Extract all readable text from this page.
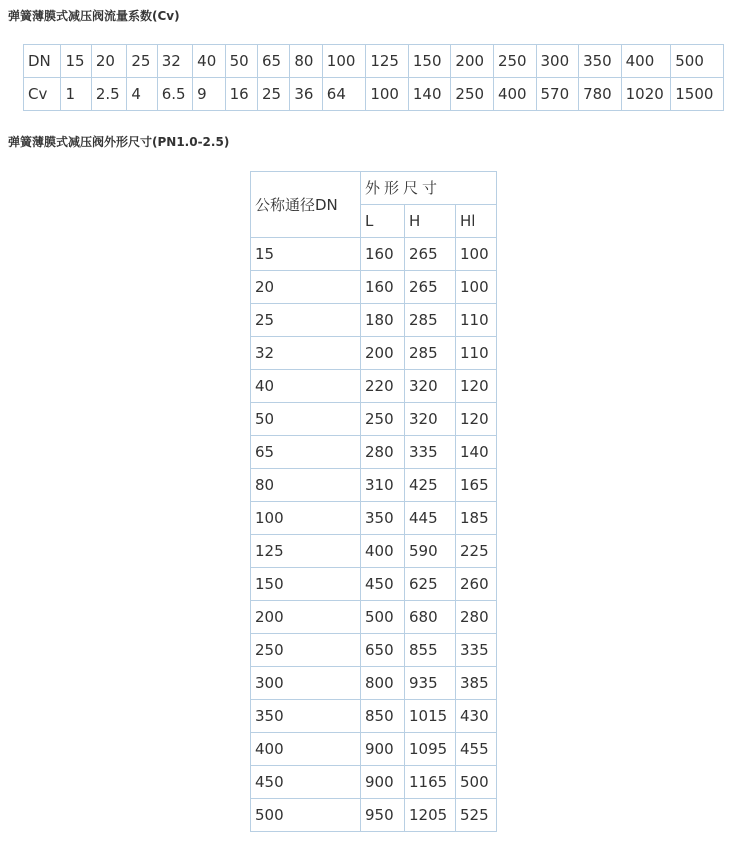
弹簧薄膜式减压阀流量系数(Cv)
DN	15	20	25	32	40	50	65	80	100	125	150	200	250	300	350	400	500
Cv	1	2.5	4	6.5	9	16	25	36	64	100	140	250	400	570	780	1020	1500
弹簧薄膜式减压阀外形尺寸(PN1.0-2.5)
公称通径DN	外形尺寸		
	L	H	Hl
15	160	265	100
20	160	265	100
25	180	285	110
32	200	285	110
40	220	320	120
50	250	320	120
65	280	335	140
80	310	425	165
100	350	445	185
125	400	590	225
150	450	625	260
200	500	680	280
250	650	855	335
300	800	935	385
350	850	1015	430
400	900	1095	455
450	900	1165	500
500	950	1205	525
